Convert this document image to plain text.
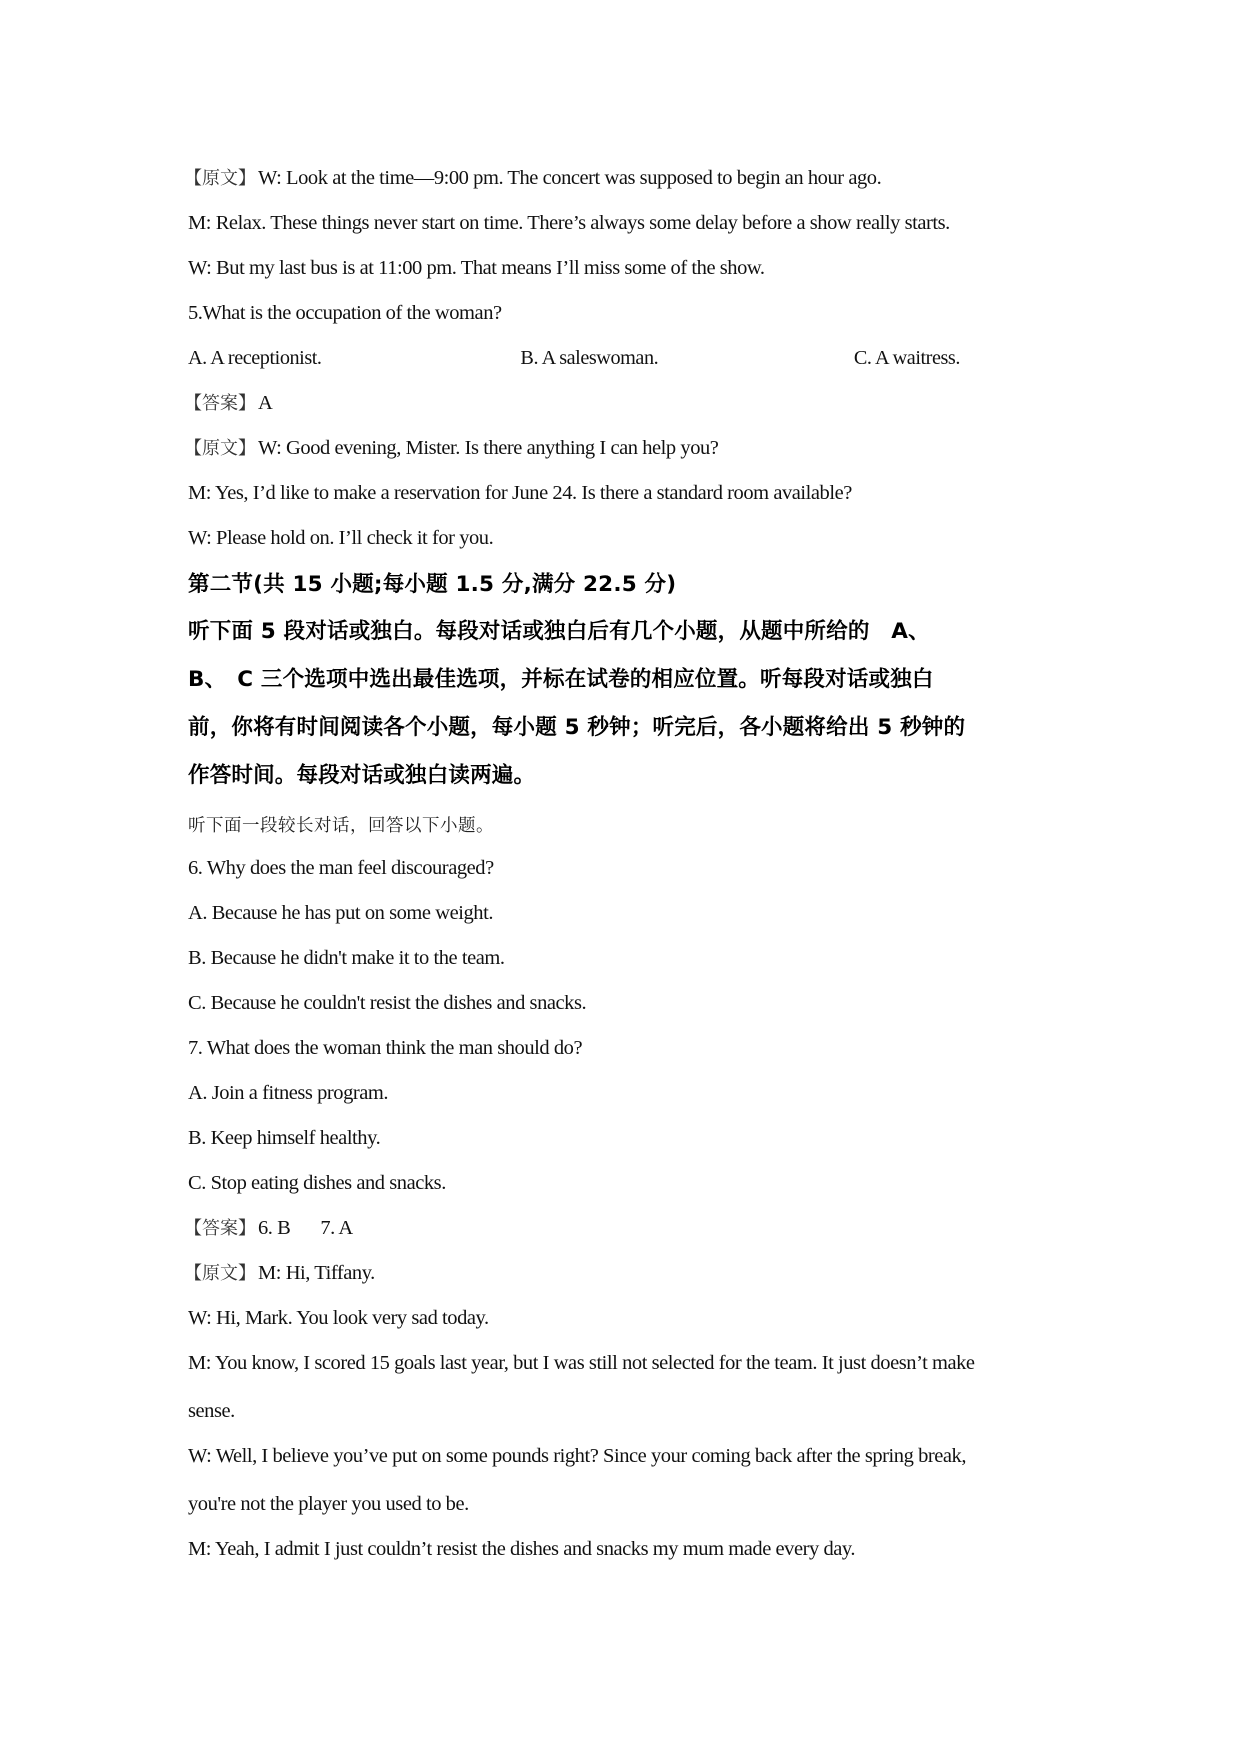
【原文】W: Look at the time—9:00 pm. The concert was supposed to begin an hour ago.
M: Relax. These things never start on time. There’s always some delay before a show really starts.
W: But my last bus is at 11:00 pm. That means I’ll miss some of the show.
5.What is the occupation of the woman?
A. A receptionist.	B. A saleswoman.	C. A waitress.
【答案】A
【原文】W: Good evening, Mister. Is there anything I can help you?
M: Yes, I’d like to make a reservation for June 24. Is there a standard room available?
W: Please hold on. I’ll check it for you.
第二节(共 15 小题;每小题 1.5 分,满分 22.5 分)
听下面 5 段对话或独白。每段对话或独白后有几个小题，从题中所给的　A、
B、　C 三个选项中选出最佳选项，并标在试卷的相应位置。听每段对话或独白
前，你将有时间阅读各个小题，每小题 5 秒钟；听完后，各小题将给出 5 秒钟的
作答时间。每段对话或独白读两遍。
听下面一段较长对话，回答以下小题。
6. Why does the man feel discouraged?
A. Because he has put on some weight.
B. Because he didn't make it to the team.
C. Because he couldn't resist the dishes and snacks.
7. What does the woman think the man should do?
A. Join a fitness program.
B. Keep himself healthy.
C. Stop eating dishes and snacks.
【答案】6. B 7. A
【原文】M: Hi, Tiffany.
W: Hi, Mark. You look very sad today.
M: You know, I scored 15 goals last year, but I was still not selected for the team. It just doesn’t make
sense.
W: Well, I believe you’ve put on some pounds right? Since your coming back after the spring break,
you're not the player you used to be.
M: Yeah, I admit I just couldn’t resist the dishes and snacks my mum made every day.
